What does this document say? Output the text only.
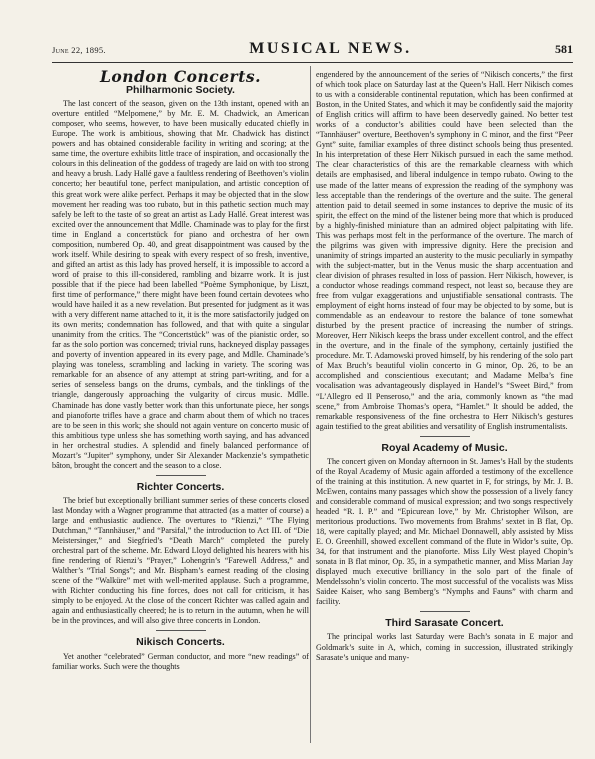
June 22, 1895.	MUSICAL NEWS.	581
London Concerts.
Philharmonic Society.

The last concert of the season, given on the 13th instant, opened with an overture entitled “Melpomene,” by Mr. E. M. Chadwick, an American composer, who seems, however, to have been musically educated chiefly in Europe. The work is ambitious, showing that Mr. Chadwick has distinct powers and has obtained considerable facility in writing and scoring; at the same time, the overture exhibits little trace of inspiration, and occasionally the colours in this delineation of the goddess of tragedy are laid on with too strong and heavy a brush. Lady Hallé gave a faultless rendering of Beethoven’s violin concerto; her beautiful tone, perfect manipulation, and artistic conception of this great work were alike perfect. Perhaps it may be objected that in the slow movement her reading was too rubato, but in this pathetic section much may safely be left to the taste of so great an artist as Lady Hallé. Great interest was excited over the announcement that Mdlle. Chaminade was to play for the first time in England a concertstück for piano and orchestra of her own composition, numbered Op. 40, and great disappointment was caused by the work itself. While desiring to speak with every respect of so fresh, inventive, and gifted an artist as this lady has proved herself, it is impossible to accord a word of praise to this ill-considered, rambling and bizarre work. It is just possible that if the piece had been labelled “Poème Symphonique, by Liszt, first time of performance,” there might have been found certain devotees who would have hailed it as a new revelation. But presented for judgment as it was with a very different name attached to it, it is the more satisfactorily judged on its own merits; condemnation has followed, and that with quite a singular unanimity from the critics. The “Concertstück” was of the pianistic order, so far as the solo portion was concerned; trivial runs, hackneyed display passages and poverty of invention appeared in its every page, and Mdlle. Chaminade’s playing was toneless, scrambling and lacking in variety. The scoring was remarkable for an absence of any attempt at string part-writing, and for a series of senseless bangs on the drums, cymbals, and the tinklings of the triangle, dangerously approaching the vulgarity of circus music. Mdlle. Chaminade has done vastly better work than this unfortunate piece, her songs and pianoforte trifles have a grace and charm about them of which no traces are to be seen in this work; she should not again venture on concerto music of this ambitious type unless she has something worth saying, and has advanced in her orchestral studies. A splendid and finely balanced performance of Mozart’s “Jupiter” symphony, under Sir Alexander Mackenzie’s sympathetic bâton, brought the concert and the season to a close.

Richter Concerts.

The brief but exceptionally brilliant summer series of these concerts closed last Monday with a Wagner programme that attracted (as a matter of course) a large and enthusiastic audience. The overtures to “Rienzi,” “The Flying Dutchman,” “Tannhäuser,” and “Parsifal,” the introduction to Act III. of “Die Meistersinger,” and Siegfried’s “Death March” completed the purely orchestral part of the scheme. Mr. Edward Lloyd delighted his hearers with his fine rendering of Rienzi’s “Prayer,” Lohengrin’s “Farewell Address,” and Walther’s “Trial Songs”; and Mr. Bispham’s earnest reading of the closing scene of the “Walküre” met with well-merited applause. Such a programme, with Richter conducting his fine forces, does not call for criticism, it has simply to be enjoyed. At the close of the concert Richter was called again and again and enthusiastically cheered; he is to return in the autumn, when he will be in the provinces, and will also give three concerts in London.

Nikisch Concerts.

Yet another “celebrated” German conductor, and more “new readings” of familiar works. Such were the thoughts

engendered by the announcement of the series of “Nikisch concerts,” the first of which took place on Saturday last at the Queen’s Hall. Herr Nikisch comes to us with a considerable continental reputation, which has been confirmed at Boston, in the United States, and which it may be confidently said the majority of English critics will affirm to have been deservedly gained. No better test works of a conductor’s abilities could have been selected than the “Tannhäuser” overture, Beethoven’s symphony in C minor, and the first “Peer Gynt” suite, familiar examples of three distinct schools being thus presented. In his interpretation of these Herr Nikisch pursued in each the same method. The clear characteristics of this are the remarkable clearness with which details are emphasised, and liberal indulgence in tempo rubato. Owing to the use made of the latter means of expression the reading of the symphony was less acceptable than the renderings of the overture and the suite. The general attention paid to detail seemed in some instances to deprive the music of its spirit, the effect on the mind of the listener being more that which is produced by a highly-finished miniature than an admired object palpitating with life. This was perhaps most felt in the performance of the overture. The march of the pilgrims was given with impressive dignity. Here the precision and unanimity of strings imparted an austerity to the music peculiarly in sympathy with the subject-matter, but in the Venus music the sharp accentuation and clear division of phrases resulted in loss of passion. Herr Nikisch, however, is a conductor whose readings command respect, not least so, because they are free from vulgar exaggerations and unjustifiable sensational contrasts. The employment of eight horns instead of four may be objected to by some, but is commendable as an endeavour to restore the balance of tone somewhat disturbed by the present practice of increasing the number of strings. Moreover, Herr Nikisch keeps the brass under excellent control, and the effect in the overture, and in the finale of the symphony, certainly justified the procedure. Mr. T. Adamowski proved himself, by his rendering of the solo part of Max Bruch’s beautiful violin concerto in G minor, Op. 26, to be an accomplished and conscientious executant; and Madame Melba’s fine vocalisation was advantageously displayed in Handel’s “Sweet Bird,” from “L’Allegro ed Il Penseroso,” and the aria, commonly known as “the mad scene,” from Ambroise Thomas’s opera, “Hamlet.” It should be added, the remarkable responsiveness of the fine orchestra to Herr Nikisch’s gestures again testified to the great abilities and versatility of English instrumentalists.

Royal Academy of Music.

The concert given on Monday afternoon in St. James’s Hall by the students of the Royal Academy of Music again afforded a testimony of the excellence of the training at this institution. A new quartet in F, for strings, by Mr. J. B. McEwen, contains many passages which show the possession of a lively fancy and considerable command of musical expression; and two songs respectively headed “R. I. P.” and “Epicurean love,” by Mr. Christopher Wilson, are meritorious productions. Two movements from Brahms’ sextet in B flat, Op. 18, were capitally played; and Mr. Michael Donnawell, ably assisted by Miss E. O. Greenhill, showed excellent command of the flute in Widor’s suite, Op. 34, for that instrument and the pianoforte. Miss Lily West played Chopin’s sonata in B flat minor, Op. 35, in a sympathetic manner, and Miss Marian Jay displayed much executive brilliancy in the solo part of the finale of Mendelssohn’s violin concerto. The most successful of the vocalists was Miss Saidee Kaiser, who sang Bemberg’s “Nymphs and Fauns” with charm and facility.

Third Sarasate Concert.

The principal works last Saturday were Bach’s sonata in E major and Goldmark’s suite in A, which, coming in succession, illustrated strikingly Sarasate’s unique and many-
